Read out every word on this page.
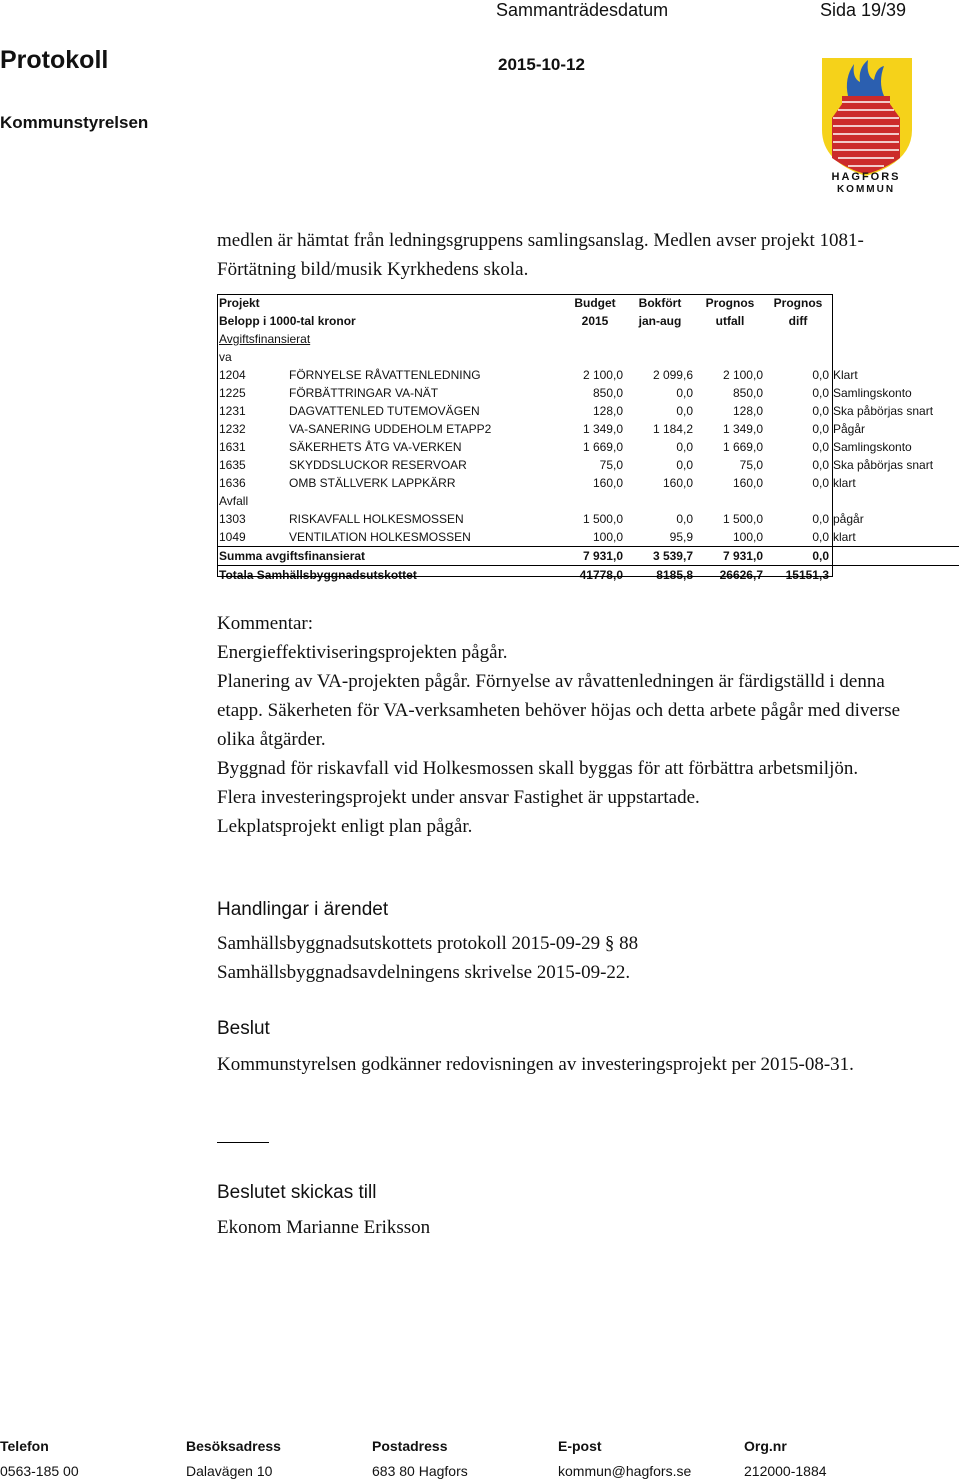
Sammanträdesdatum	Sida 19/39
Protokoll	2015-10-12
Kommunstyrelsen
HAGFORS
KOMMUN
medlen är hämtat från ledningsgruppens samlingsanslag. Medlen avser projekt 1081-Förtätning bild/musik Kyrkhedens skola.
Projekt		Budget	Bokfört	Prognos	Prognos	
Belopp i 1000-tal kronor		2015	jan-aug	utfall	diff	
Avgiftsfinansierat						
va						
1204	FÖRNYELSE RÅVATTENLEDNING	2 100,0	2 099,6	2 100,0	0,0	Klart
1225	FÖRBÄTTRINGAR VA-NÄT	850,0	0,0	850,0	0,0	Samlingskonto
1231	DAGVATTENLED TUTEMOVÄGEN	128,0	0,0	128,0	0,0	Ska påbörjas snart
1232	VA-SANERING UDDEHOLM ETAPP2	1 349,0	1 184,2	1 349,0	0,0	Pågår
1631	SÄKERHETS ÅTG VA-VERKEN	1 669,0	0,0	1 669,0	0,0	Samlingskonto
1635	SKYDDSLUCKOR RESERVOAR	75,0	0,0	75,0	0,0	Ska påbörjas snart
1636	OMB STÄLLVERK LAPPKÄRR	160,0	160,0	160,0	0,0	klart
Avfall						
1303	RISKAVFALL HOLKESMOSSEN	1 500,0	0,0	1 500,0	0,0	pågår
1049	VENTILATION HOLKESMOSSEN	100,0	95,9	100,0	0,0	klart
Summa avgiftsfinansierat		7 931,0	3 539,7	7 931,0	0,0	
Totala Samhällsbyggnadsutskottet		41778,0	8185,8	26626,7	15151,3	
Kommentar:
Energieffektiviseringsprojekten pågår.
Planering av VA-projekten pågår. Förnyelse av råvattenledningen är färdigställd i denna etapp. Säkerheten för VA-verksamheten behöver höjas och detta arbete pågår med diverse olika åtgärder.
Byggnad för riskavfall vid Holkesmossen skall byggas för att förbättra arbetsmiljön.
Flera investeringsprojekt under ansvar Fastighet är uppstartade.
Lekplatsprojekt enligt plan pågår.
Handlingar i ärendet
Samhällsbyggnadsutskottets protokoll 2015-09-29 § 88
Samhällsbyggnadsavdelningens skrivelse 2015-09-22.
Beslut
Kommunstyrelsen godkänner redovisningen av investeringsprojekt per 2015-08-31.
Beslutet skickas till
Ekonom Marianne Eriksson
Telefon	Besöksadress	Postadress	E-post	Org.nr
0563-185 00	Dalavägen 10	683 80 Hagfors	kommun@hagfors.se	212000-1884
